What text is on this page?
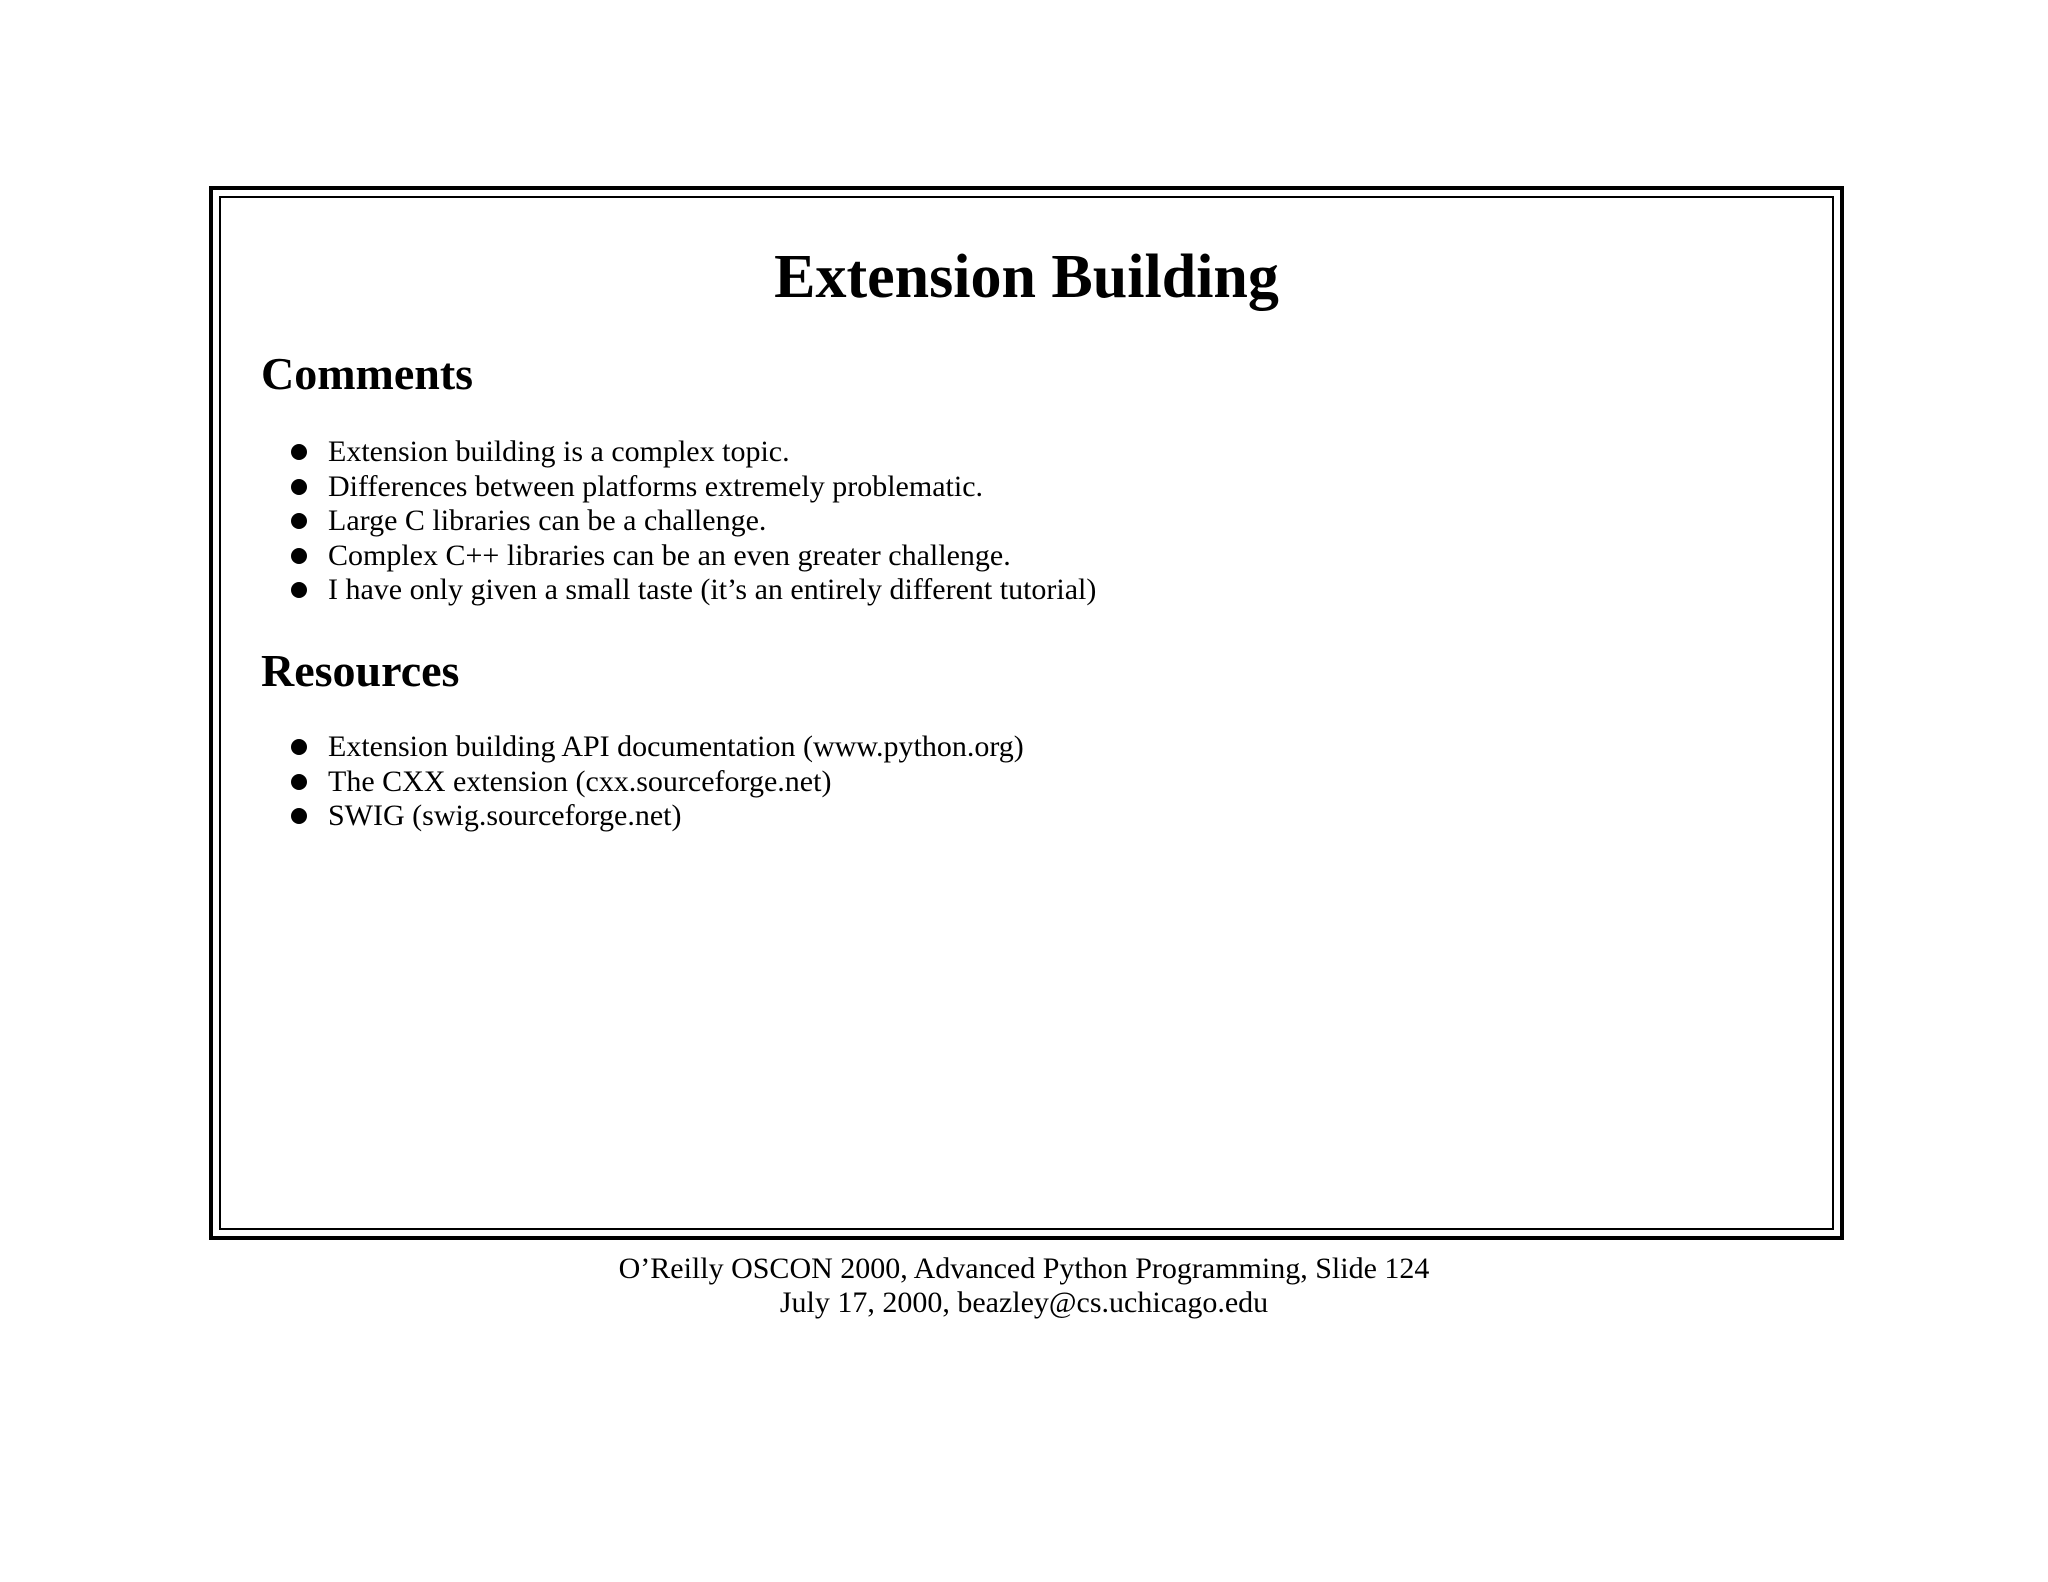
Extension Building
Comments
Extension building is a complex topic.
Differences between platforms extremely problematic.
Large C libraries can be a challenge.
Complex C++ libraries can be an even greater challenge.
I have only given a small taste (it’s an entirely different tutorial)
Resources
Extension building API documentation (www.python.org)
The CXX extension (cxx.sourceforge.net)
SWIG (swig.sourceforge.net)
O’Reilly OSCON 2000, Advanced Python Programming, Slide 124
July 17, 2000, beazley@cs.uchicago.edu
